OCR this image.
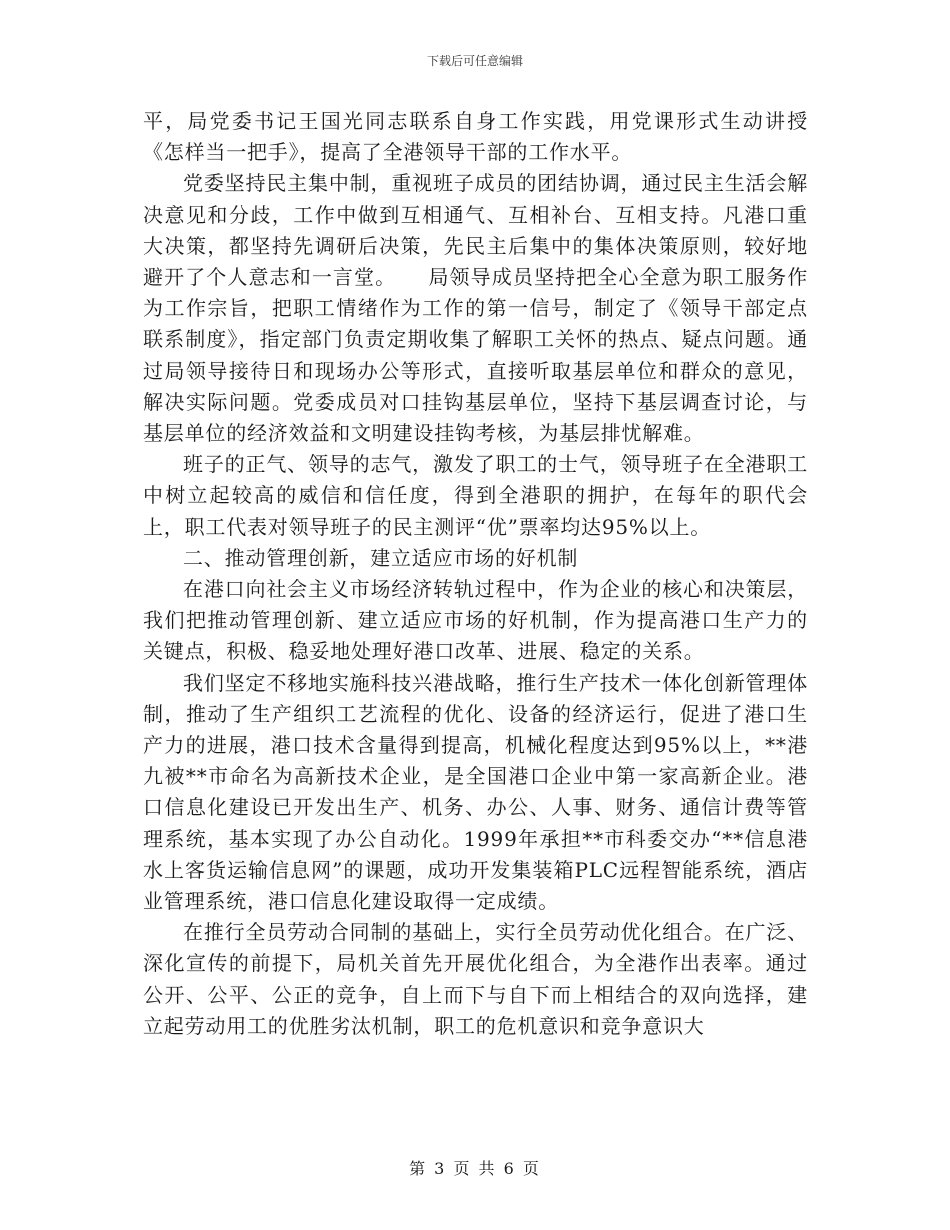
下载后可任意编辑

平，局党委书记王国光同志联系自身工作实践，用党课形式生动讲授《怎样当一把手》，提高了全港领导干部的工作水平。

党委坚持民主集中制，重视班子成员的团结协调，通过民主生活会解决意见和分歧，工作中做到互相通气、互相补台、互相支持。凡港口重大决策，都坚持先调研后决策，先民主后集中的集体决策原则，较好地避开了个人意志和一言堂。　　局领导成员坚持把全心全意为职工服务作为工作宗旨，把职工情绪作为工作的第一信号，制定了《领导干部定点联系制度》，指定部门负责定期收集了解职工关怀的热点、疑点问题。通过局领导接待日和现场办公等形式，直接听取基层单位和群众的意见，解决实际问题。党委成员对口挂钩基层单位，坚持下基层调查讨论，与基层单位的经济效益和文明建设挂钩考核，为基层排忧解难。

班子的正气、领导的志气，激发了职工的士气，领导班子在全港职工中树立起较高的威信和信任度，得到全港职的拥护，在每年的职代会上，职工代表对领导班子的民主测评“优”票率均达95%以上。

二、推动管理创新，建立适应市场的好机制

在港口向社会主义市场经济转轨过程中，作为企业的核心和决策层，我们把推动管理创新、建立适应市场的好机制，作为提高港口生产力的关键点，积极、稳妥地处理好港口改革、进展、稳定的关系。

我们坚定不移地实施科技兴港战略，推行生产技术一体化创新管理体制，推动了生产组织工艺流程的优化、设备的经济运行，促进了港口生产力的进展，港口技术含量得到提高，机械化程度达到95%以上，**港九被**市命名为高新技术企业，是全国港口企业中第一家高新企业。港口信息化建设已开发出生产、机务、办公、人事、财务、通信计费等管理系统，基本实现了办公自动化。1999年承担**市科委交办“**信息港水上客货运输信息网”的课题，成功开发集装箱PLC远程智能系统，酒店业管理系统，港口信息化建设取得一定成绩。

在推行全员劳动合同制的基础上，实行全员劳动优化组合。在广泛、深化宣传的前提下，局机关首先开展优化组合，为全港作出表率。通过公开、公平、公正的竞争，自上而下与自下而上相结合的双向选择，建立起劳动用工的优胜劣汰机制，职工的危机意识和竞争意识大

第 3 页 共 6 页
